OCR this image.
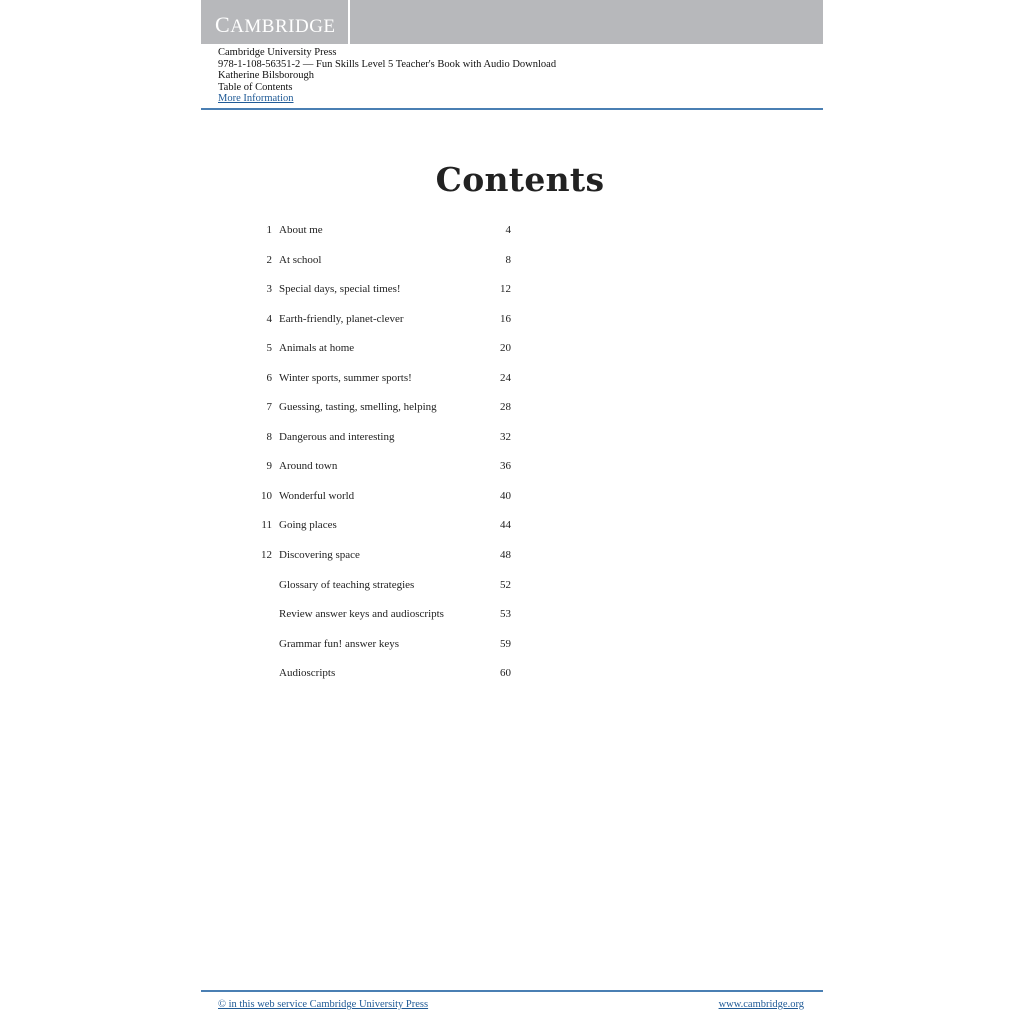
CAMBRIDGE
Cambridge University Press
978-1-108-56351-2 — Fun Skills Level 5 Teacher's Book with Audio Download
Katherine Bilsborough
Table of Contents
More Information
Contents
1 About me	4
2 At school	8
3 Special days, special times!	12
4 Earth-friendly, planet-clever	16
5 Animals at home	20
6 Winter sports, summer sports!	24
7 Guessing, tasting, smelling, helping	28
8 Dangerous and interesting	32
9 Around town	36
10 Wonderful world	40
11 Going places	44
12 Discovering space	48
Glossary of teaching strategies	52
Review answer keys and audioscripts	53
Grammar fun! answer keys	59
Audioscripts	60
© in this web service Cambridge University Press	www.cambridge.org
